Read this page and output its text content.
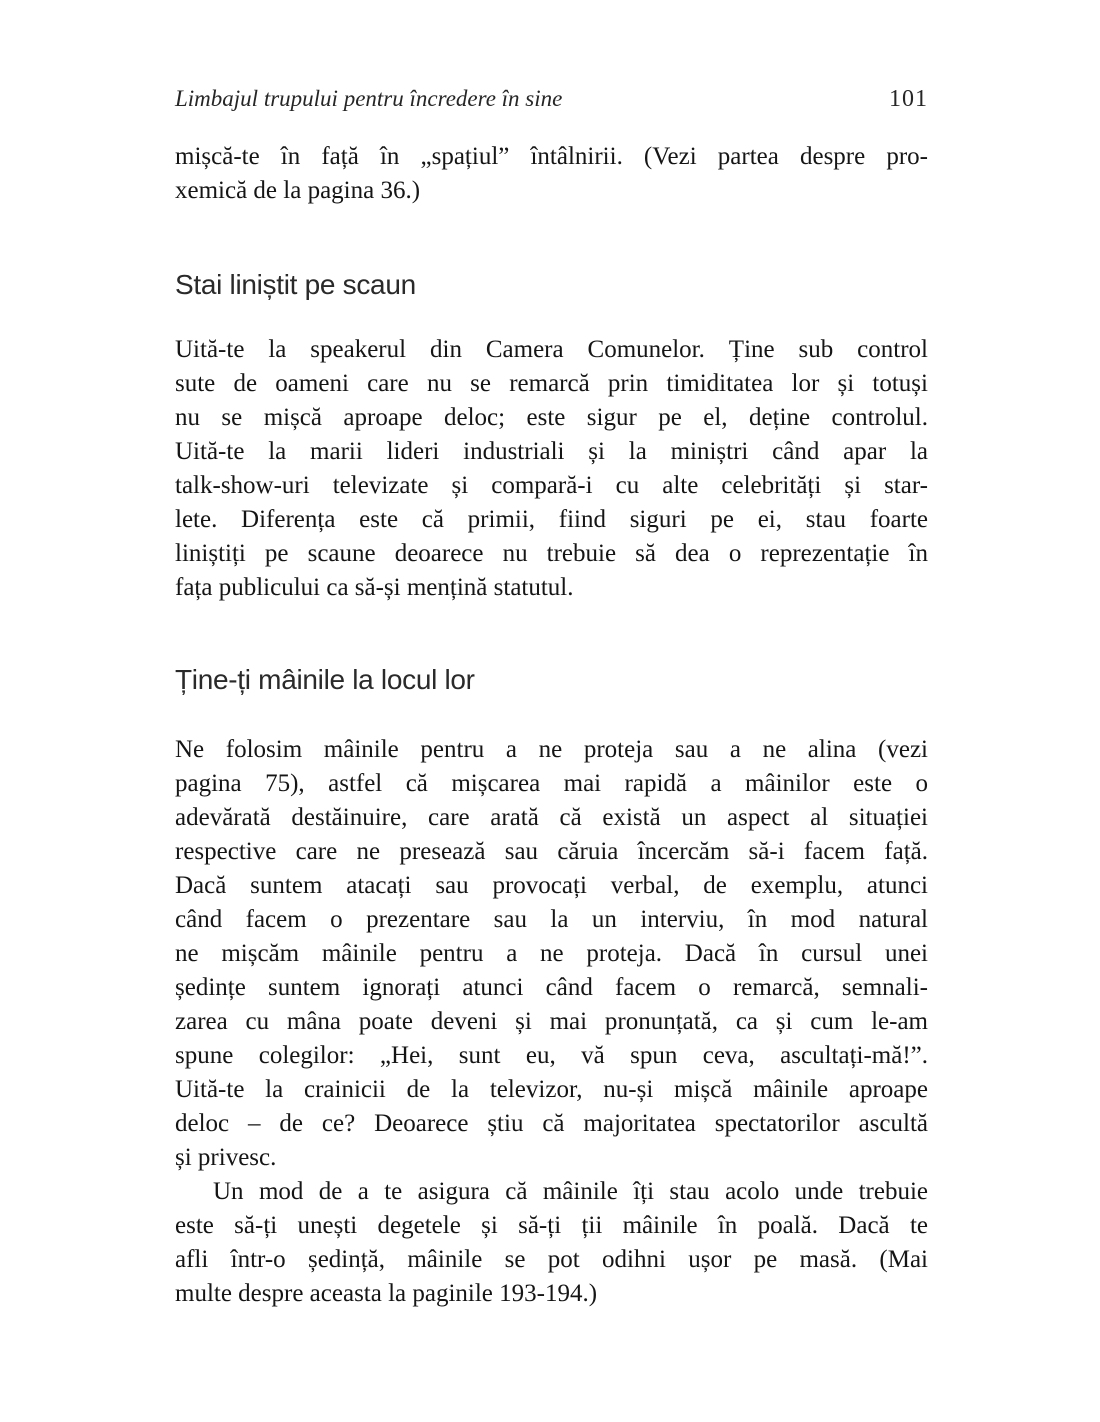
Limbajul trupului pentru încredere în sine	101
mișcă-te în față în „spațiul” întâlnirii. (Vezi partea despre pro-
xemică de la pagina 36.)
Stai liniștit pe scaun
Uită-te la speakerul din Camera Comunelor. Ține sub control
sute de oameni care nu se remarcă prin timiditatea lor și totuși
nu se mișcă aproape deloc; este sigur pe el, deține controlul.
Uită-te la marii lideri industriali și la miniștri când apar la
talk-show-uri televizate și compară-i cu alte celebrități și star-
lete. Diferența este că primii, fiind siguri pe ei, stau foarte
liniștiți pe scaune deoarece nu trebuie să dea o reprezentație în
fața publicului ca să-și mențină statutul.
Ține-ți mâinile la locul lor
Ne folosim mâinile pentru a ne proteja sau a ne alina (vezi
pagina 75), astfel că mișcarea mai rapidă a mâinilor este o
adevărată destăinuire, care arată că există un aspect al situației
respective care ne presează sau căruia încercăm să-i facem față.
Dacă suntem atacați sau provocați verbal, de exemplu, atunci
când facem o prezentare sau la un interviu, în mod natural
ne mișcăm mâinile pentru a ne proteja. Dacă în cursul unei
ședințe suntem ignorați atunci când facem o remarcă, semnali-
zarea cu mâna poate deveni și mai pronunțată, ca și cum le-am
spune colegilor: „Hei, sunt eu, vă spun ceva, ascultați-mă!”.
Uită-te la crainicii de la televizor, nu-și mișcă mâinile aproape
deloc – de ce? Deoarece știu că majoritatea spectatorilor ascultă
și privesc.
Un mod de a te asigura că mâinile îți stau acolo unde trebuie
este să-ți unești degetele și să-ți ții mâinile în poală. Dacă te
afli într-o ședință, mâinile se pot odihni ușor pe masă. (Mai
multe despre aceasta la paginile 193-194.)
